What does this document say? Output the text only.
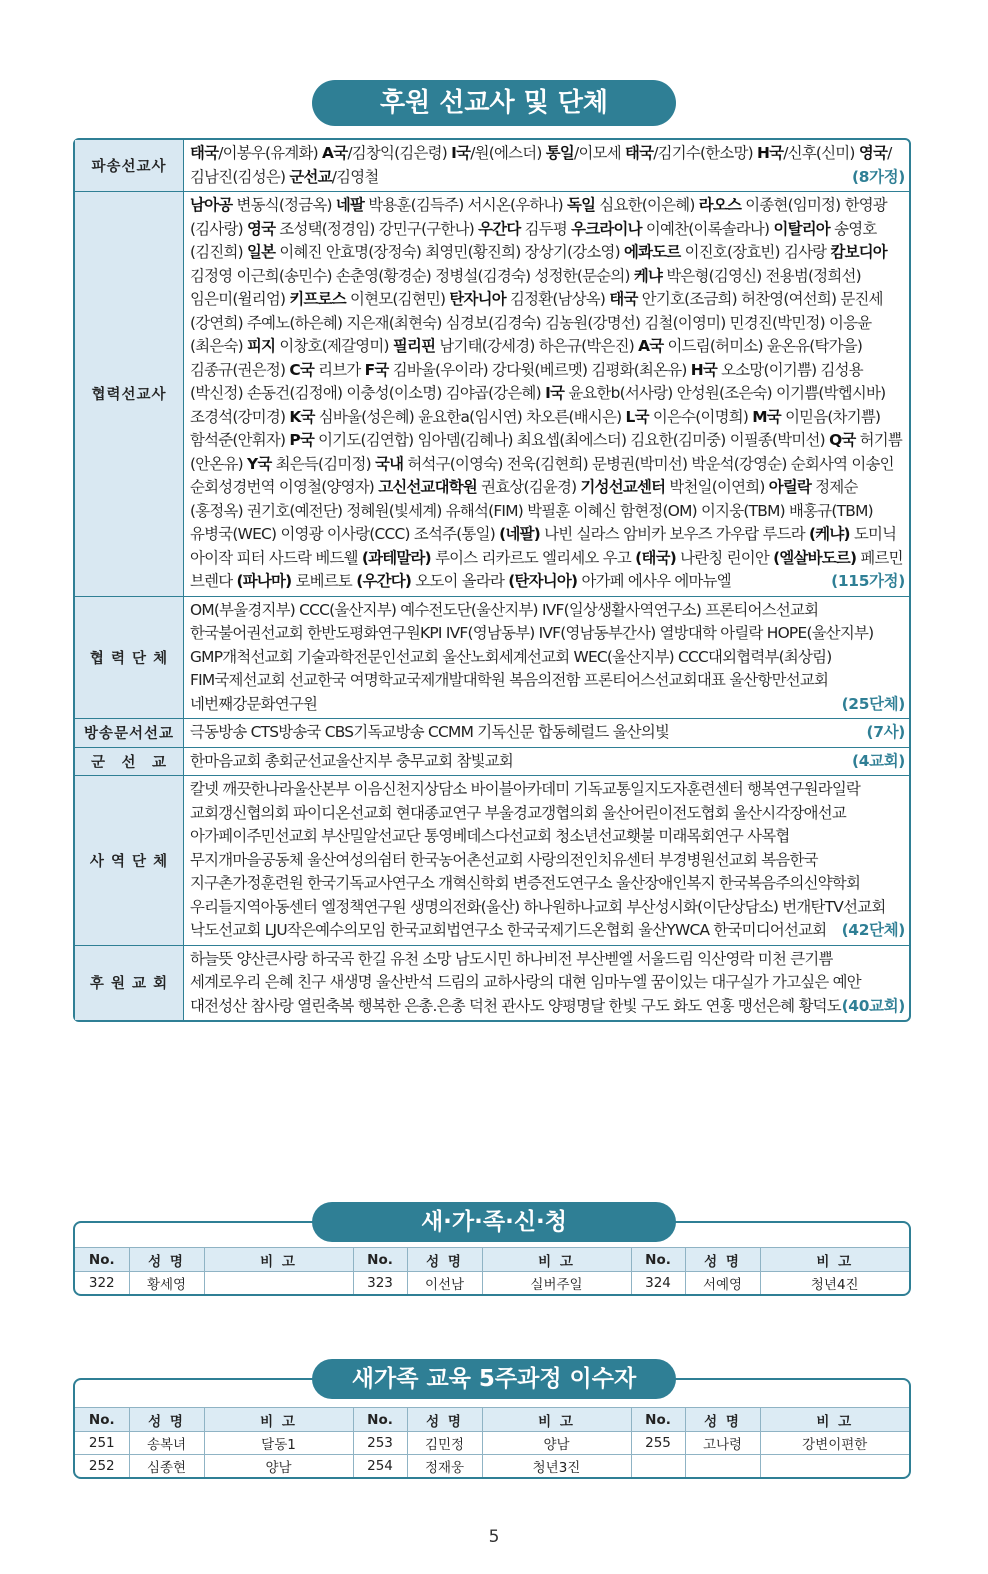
후원 선교사 및 단체
파송선교사
태국/이봉우(유계화) A국/김창익(김은령) I국/원(에스더) 통일/이모세 태국/김기수(한소망) H국/신후(신미) 영국/김남진(김성은) 군선교/김영철	(8가정)
협력선교사
남아공 변동식(정금옥) 네팔 박용훈(김득주) 서시온(우하나) 독일 심요한(이은혜) 라오스 이종현(임미정) 한영광(김사랑) 영국 조성택(정경임) 강민구(구한나) 우간다 김두평 우크라이나 이예찬(이록솔라나) 이탈리아 송영호(김진희) 일본 이혜진 안효명(장정숙) 최영민(황진희) 장상기(강소영) 에콰도르 이진호(장효빈) 김사랑 캄보디아 김정영 이근희(송민수) 손춘영(황경순) 정병설(김경숙) 성정한(문순의) 케냐 박은형(김영신) 전용범(정희선) 임은미(윌리엄) 키프로스 이현모(김현민) 탄자니아 김정환(남상옥) 태국 안기호(조금희) 허찬영(여선희) 문진세(강연희) 주예노(하은혜) 지은재(최현숙) 심경보(김경숙) 김농원(강명선) 김철(이영미) 민경진(박민정) 이응윤(최은숙) 피지 이창호(제갈영미) 필리핀 남기태(강세경) 하은규(박은진) A국 이드림(허미소) 윤온유(탁가을) 김종규(권은정) C국 리브가 F국 김바울(우이라) 강다윗(베르멧) 김평화(최온유) H국 오소망(이기쁨) 김성용(박신정) 손동건(김정애) 이충성(이소명) 김야곱(강은혜) I국 윤요한b(서사랑) 안성원(조은숙) 이기쁨(박헵시바) 조경석(강미경) K국 심바울(성은혜) 윤요한a(임시연) 차오른(배시은) L국 이은수(이명희) M국 이믿음(차기쁨) 함석준(안휘자) P국 이기도(김연합) 임아뎀(김혜나) 최요셉(최에스더) 김요한(김미중) 이필종(박미선) Q국 허기쁨(안온유) Y국 최은득(김미정) 국내 허석구(이영숙) 전욱(김현희) 문병권(박미선) 박운석(강영순) 순회사역 이송인 순회성경번역 이영철(양영자) 고신선교대학원 권효상(김윤경) 기성선교센터 박천일(이연희) 아릴락 정제순(홍정옥) 권기호(예전단) 정혜원(빛세계) 유해석(FIM) 박필훈 이혜신 함현정(OM) 이지웅(TBM) 배홍규(TBM) 유병국(WEC) 이영광 이사랑(CCC) 조석주(통일) (네팔) 나빈 실라스 암비카 보우즈 가우랍 루드라 (케냐) 도미닉 아이작 피터 사드락 베드웰 (과테말라) 루이스 리카르도 엘리세오 우고 (태국) 나란칭 린이안 (엘살바도르) 페르민 브렌다 (파나마) 로베르토 (우간다) 오도이 올라라 (탄자니아) 아가페 에사우 에마뉴엘	(115가정)
협 력 단 체
OM(부울경지부) CCC(울산지부) 예수전도단(울산지부) IVF(일상생활사역연구소) 프론티어스선교회 한국불어권선교회 한반도평화연구원KPI IVF(영남동부) IVF(영남동부간사) 열방대학 아릴락 HOPE(울산지부) GMP개척선교회 기술과학전문인선교회 울산노회세계선교회 WEC(울산지부) CCC대외협력부(최상림) FIM국제선교회 선교한국 여명학교국제개발대학원 복음의전함 프론티어스선교회대표 울산항만선교회 네번째강문화연구원	(25단체)
방송문서선교	극동방송 CTS방송국 CBS기독교방송 CCMM 기독신문 합동헤럴드 울산의빛	(7사)
군　선　교	한마음교회 총회군선교울산지부 충무교회 참빛교회	(4교회)
사 역 단 체
칼넷 깨끗한나라울산본부 이음신천지상담소 바이블아카데미 기독교통일지도자훈련센터 행복연구원라일락 교회갱신협의회 파이디온선교회 현대종교연구 부울경교갱협의회 울산어린이전도협회 울산시각장애선교 아가페이주민선교회 부산밀알선교단 통영베데스다선교회 청소년선교횃불 미래목회연구 사목협 무지개마을공동체 울산여성의쉼터 한국농어촌선교회 사랑의전인치유센터 부경병원선교회 복음한국 지구촌가정훈련원 한국기독교사연구소 개혁신학회 변증전도연구소 울산장애인복지 한국복음주의신약학회 우리들지역아동센터 엘정책연구원 생명의전화(울산) 하나원하나교회 부산성시화(이단상담소) 번개탄TV선교회 낙도선교회 LJU작은예수의모임 한국교회법연구소 한국국제기드온협회 울산YWCA 한국미디어선교회 (42단체)
후 원 교 회
하늘뜻 양산큰사랑 하국곡 한길 유천 소망 남도시민 하나비전 부산벧엘 서울드림 익산영락 미천 큰기쁨 세계로우리 은혜 친구 새생명 울산반석 드림의 교하사랑의 대현 임마누엘 꿈이있는 대구실가 가고싶은 예안 대전성산 참사랑 열린축복 행복한 은총.은총 덕천 관사도 양평명달 한빛 구도 화도 연홍 맹선은혜 황덕도 (40교회)
새·가·족·신·청
No.	성 명	비 고	No.	성 명	비 고	No.	성 명	비 고
322	황세영		323	이선남	실버주일	324	서예영	청년4진
새가족 교육 5주과정 이수자
No.	성 명	비 고	No.	성 명	비 고	No.	성 명	비 고
251	송복녀	달동1	253	김민정	양남	255	고나령	강변이편한
252	심종현	양남	254	정재웅	청년3진			
5
